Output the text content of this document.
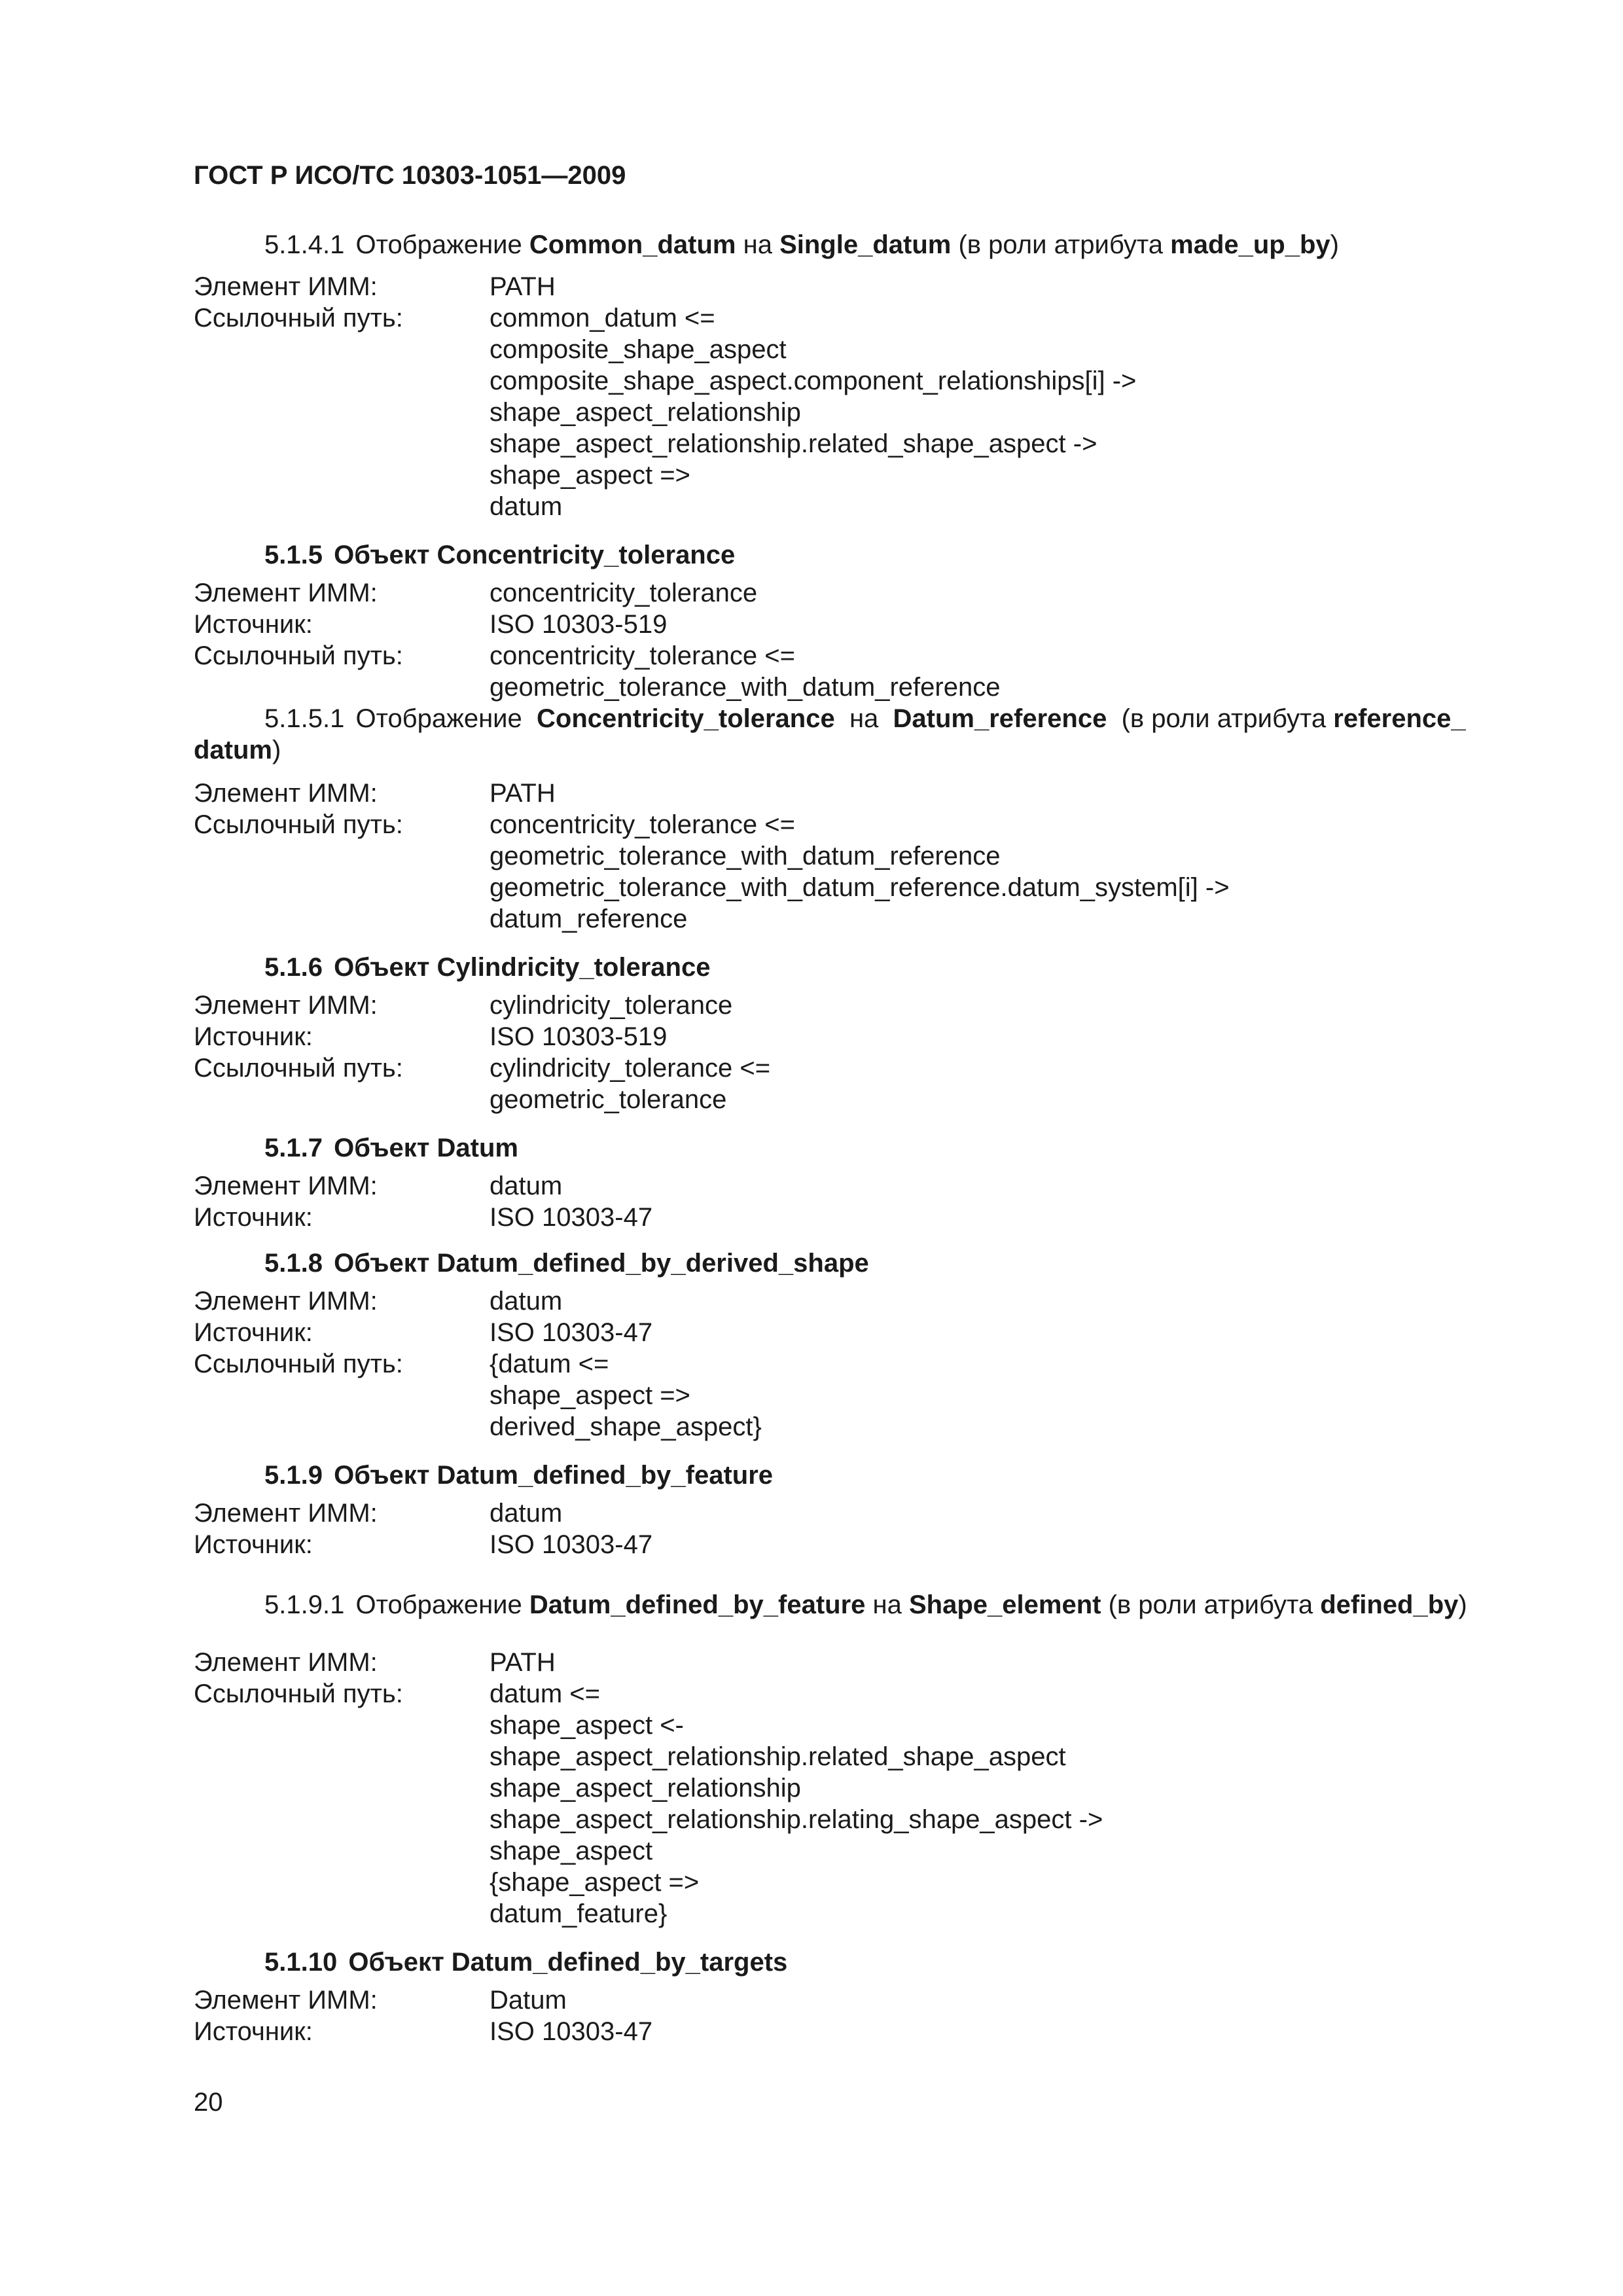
ГОСТ Р ИСО/ТС 10303-1051—2009
5.1.4.1 Отображение Common_datum на Single_datum (в роли атрибута made_up_by)
Элемент ИММ:	PATH
Ссылочный путь:	common_datum <=
composite_shape_aspect
composite_shape_aspect.component_relationships[i] ->
shape_aspect_relationship
shape_aspect_relationship.related_shape_aspect ->
shape_aspect =>
datum
5.1.5 Объект Concentricity_tolerance
Элемент ИММ:	concentricity_tolerance
Источник:	ISO 10303-519
Ссылочный путь:	concentricity_tolerance <=
geometric_tolerance_with_datum_reference
5.1.5.1 Отображение Concentricity_tolerance на Datum_reference (в роли атрибута reference_
datum)
Элемент ИММ:	PATH
Ссылочный путь:	concentricity_tolerance <=
geometric_tolerance_with_datum_reference
geometric_tolerance_with_datum_reference.datum_system[i] ->
datum_reference
5.1.6 Объект Cylindricity_tolerance
Элемент ИММ:	cylindricity_tolerance
Источник:	ISO 10303-519
Ссылочный путь:	cylindricity_tolerance <=
geometric_tolerance
5.1.7 Объект Datum
Элемент ИММ:	datum
Источник:	ISO 10303-47
5.1.8 Объект Datum_defined_by_derived_shape
Элемент ИММ:	datum
Источник:	ISO 10303-47
Ссылочный путь:	{datum <=
shape_aspect =>
derived_shape_aspect}
5.1.9 Объект Datum_defined_by_feature
Элемент ИММ:	datum
Источник:	ISO 10303-47
5.1.9.1 Отображение Datum_defined_by_feature на Shape_element (в роли атрибута defined_by)
Элемент ИММ:	PATH
Ссылочный путь:	datum <=
shape_aspect <-
shape_aspect_relationship.related_shape_aspect
shape_aspect_relationship
shape_aspect_relationship.relating_shape_aspect ->
shape_aspect
{shape_aspect =>
datum_feature}
5.1.10 Объект Datum_defined_by_targets
Элемент ИММ:	Datum
Источник:	ISO 10303-47
20
